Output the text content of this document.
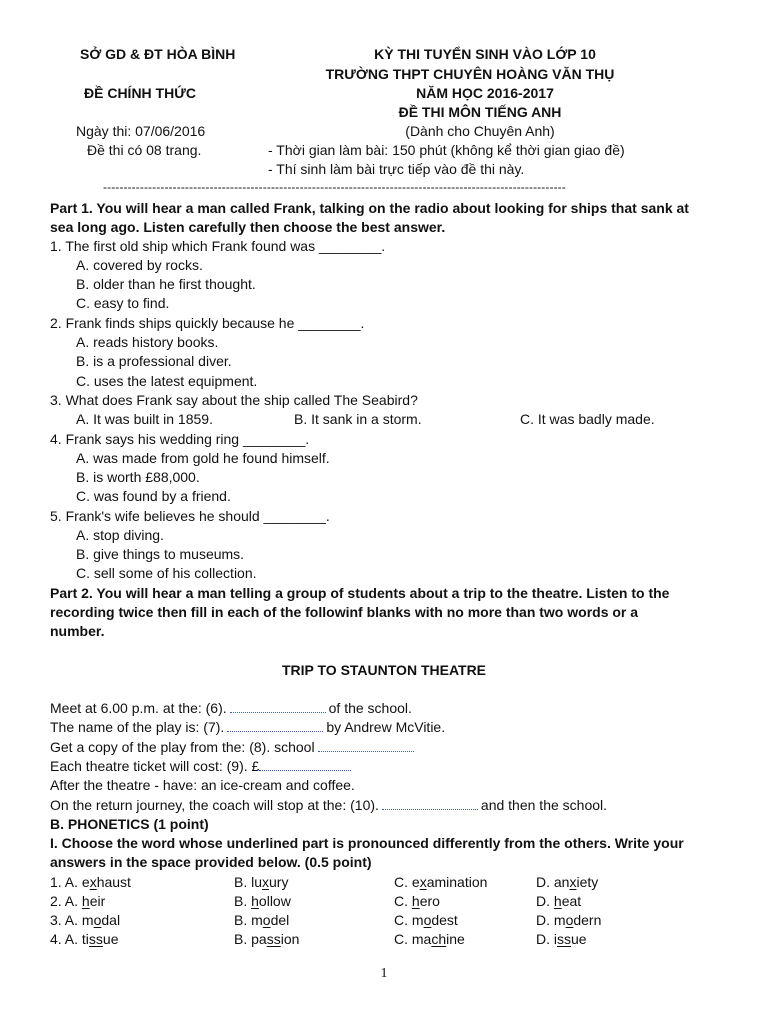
SỞ GD & ĐT HÒA BÌNH
ĐỀ CHÍNH THỨC
Ngày thi: 07/06/2016
Đề thi có 08 trang.
KỲ THI TUYỂN SINH VÀO LỚP 10
TRƯỜNG THPT CHUYÊN HOÀNG VĂN THỤ
NĂM HỌC 2016-2017
ĐỀ THI MÔN TIẾNG ANH
(Dành cho Chuyên Anh)
- Thời gian làm bài: 150 phút (không kể thời gian giao đề)
- Thí sinh làm bài trực tiếp vào đề thi này.
-----------------------------------------------------------------------------------------------------------------
Part 1. You will hear a man called Frank, talking on the radio about looking for ships that sank at
sea long ago. Listen carefully then choose the best answer.
1. The first old ship which Frank found was ________.
A. covered by rocks.
B. older than he first thought.
C. easy to find.
2. Frank finds ships quickly because he ________.
A. reads history books.
B. is a professional diver.
C. uses the latest equipment.
3. What does Frank say about the ship called The Seabird?
A. It was built in 1859.	B. It sank in a storm.	C. It was badly made.
4. Frank says his wedding ring ________.
A. was made from gold he found himself.
B. is worth £88,000.
C. was found by a friend.
5. Frank's wife believes he should ________.
A. stop diving.
B. give things to museums.
C. sell some of his collection.
Part 2. You will hear a man telling a group of students about a trip to the theatre. Listen to the
recording twice then fill in each of the followinf blanks with no more than two words or a
number.
TRIP TO STAUNTON THEATRE
Meet at 6.00 p.m. at the: (6).	of the school.
The name of the play is: (7).	by Andrew McVitie.
Get a copy of the play from the: (8). school
Each theatre ticket will cost: (9). £
After the theatre - have: an ice-cream and coffee.
On the return journey, the coach will stop at the: (10).	and then the school.
B. PHONETICS (1 point)
I. Choose the word whose underlined part is pronounced differently from the others. Write your
answers in the space provided below. (0.5 point)
1. A. exhaust	B. luxury	C. examination	D. anxiety
2. A. heir	B. hollow	C. hero	D. heat
3. A. modal	B. model	C. modest	D. modern
4. A. tissue	B. passion	C. machine	D. issue
1
